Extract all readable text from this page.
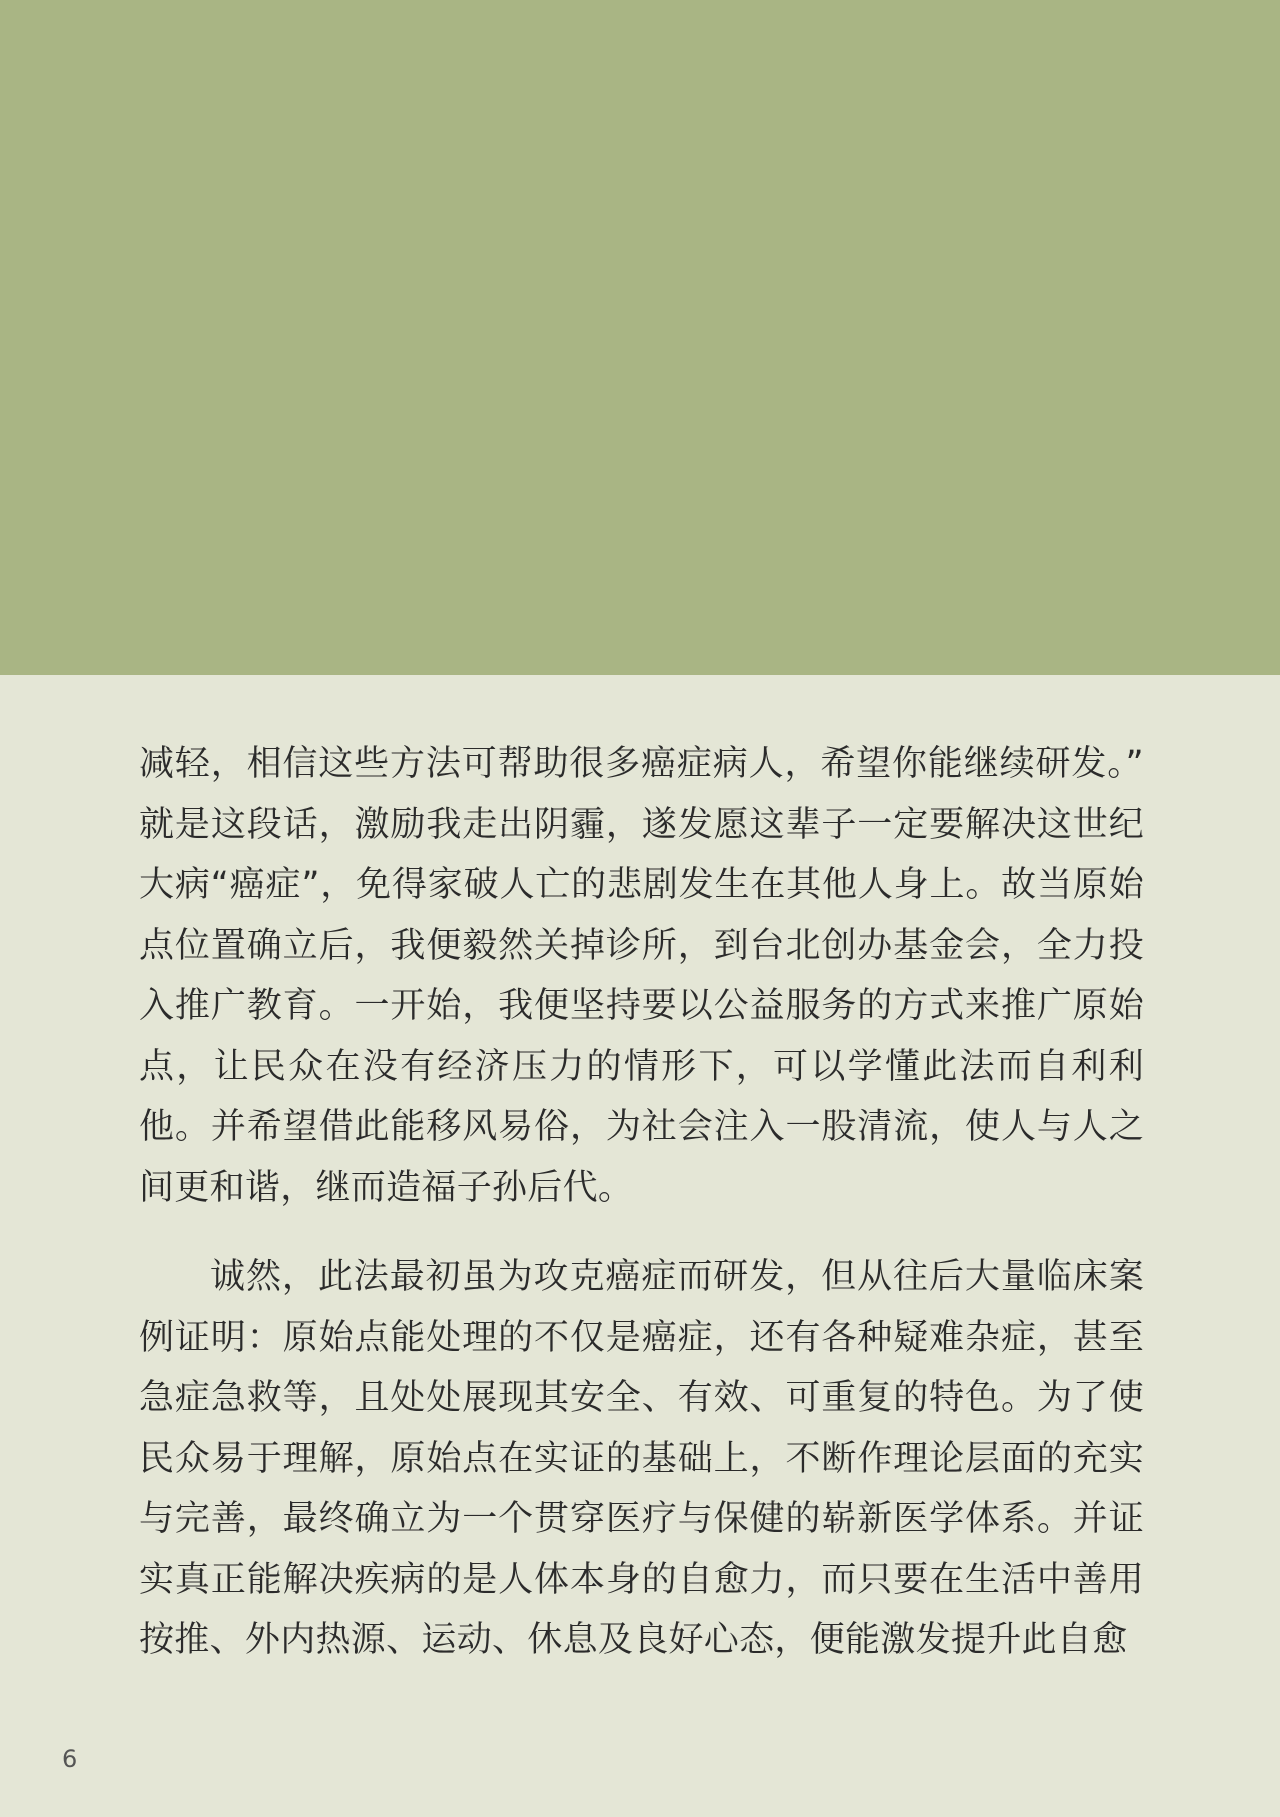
减轻，相信这些方法可帮助很多癌症病人，希望你能继续研发。” 就是这段话，激励我走出阴霾，遂发愿这辈子一定要解决这世纪大病“癌症”，免得家破人亡的悲剧发生在其他人身上。故当原始点位置确立后，我便毅然关掉诊所，到台北创办基金会，全力投入推广教育。一开始，我便坚持要以公益服务的方式来推广原始点，让民众在没有经济压力的情形下，可以学懂此法而自利利他。并希望借此能移风易俗，为社会注入一股清流，使人与人之间更和谐，继而造福子孙后代。

诚然，此法最初虽为攻克癌症而研发，但从往后大量临床案例证明：原始点能处理的不仅是癌症，还有各种疑难杂症，甚至急症急救等，且处处展现其安全、有效、可重复的特色。为了使民众易于理解，原始点在实证的基础上，不断作理论层面的充实与完善，最终确立为一个贯穿医疗与保健的崭新医学体系。并证实真正能解决疾病的是人体本身的自愈力，而只要在生活中善用按推、外内热源、运动、休息及良好心态，便能激发提升此自愈

6
